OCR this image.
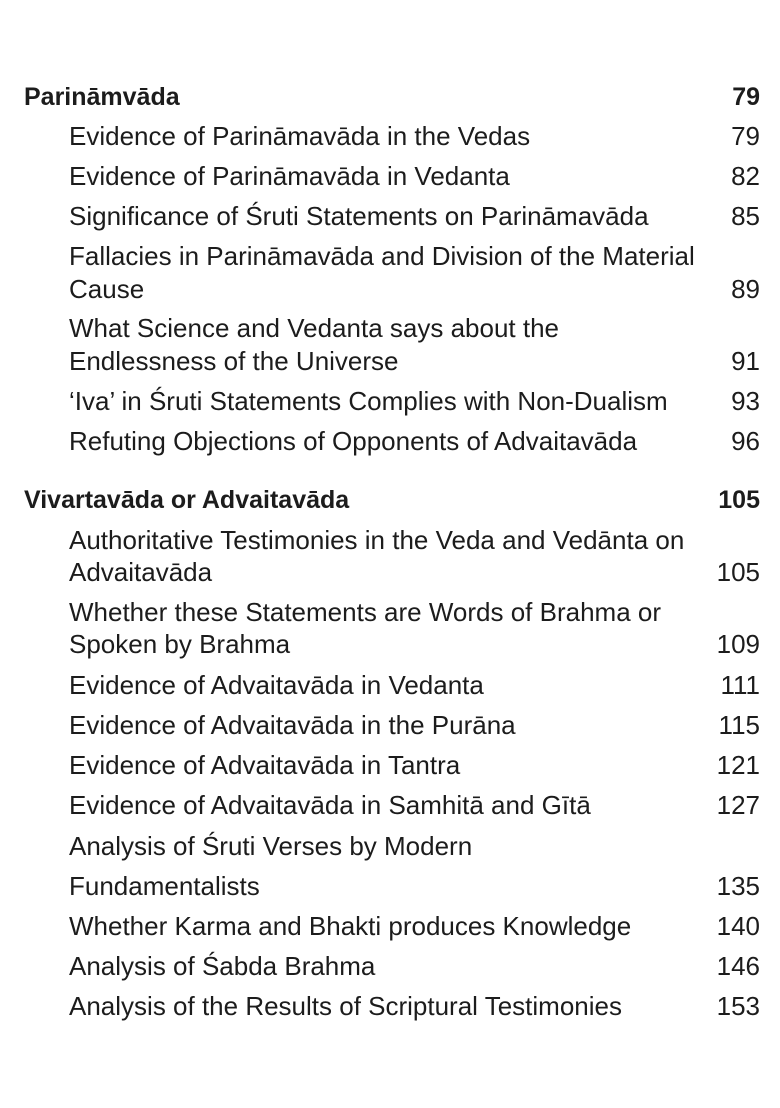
Parināmvāda	79
Evidence of Parināmavāda in the Vedas	79
Evidence of Parināmavāda in Vedanta	82
Significance of Śruti Statements on Parināmavāda	85
Fallacies in Parināmavāda and Division of the Material
Cause	89
What Science and Vedanta says about the
Endlessness of the Universe	91
‘Iva’ in Śruti Statements Complies with Non-Dualism 93
Refuting Objections of Opponents of Advaitavāda	96
Vivartavāda or Advaitavāda	105
Authoritative Testimonies in the Veda and Vedānta on
Advaitavāda	105
Whether these Statements are Words of Brahma or
Spoken by Brahma	109
Evidence of Advaitavāda in Vedanta	111
Evidence of Advaitavāda in the Purāna	115
Evidence of Advaitavāda in Tantra	121
Evidence of Advaitavāda in Samhitā and Gītā	127
Analysis of Śruti Verses by Modern
Fundamentalists	135
Whether Karma and Bhakti produces Knowledge	140
Analysis of Śabda Brahma	146
Analysis of the Results of Scriptural Testimonies	153
